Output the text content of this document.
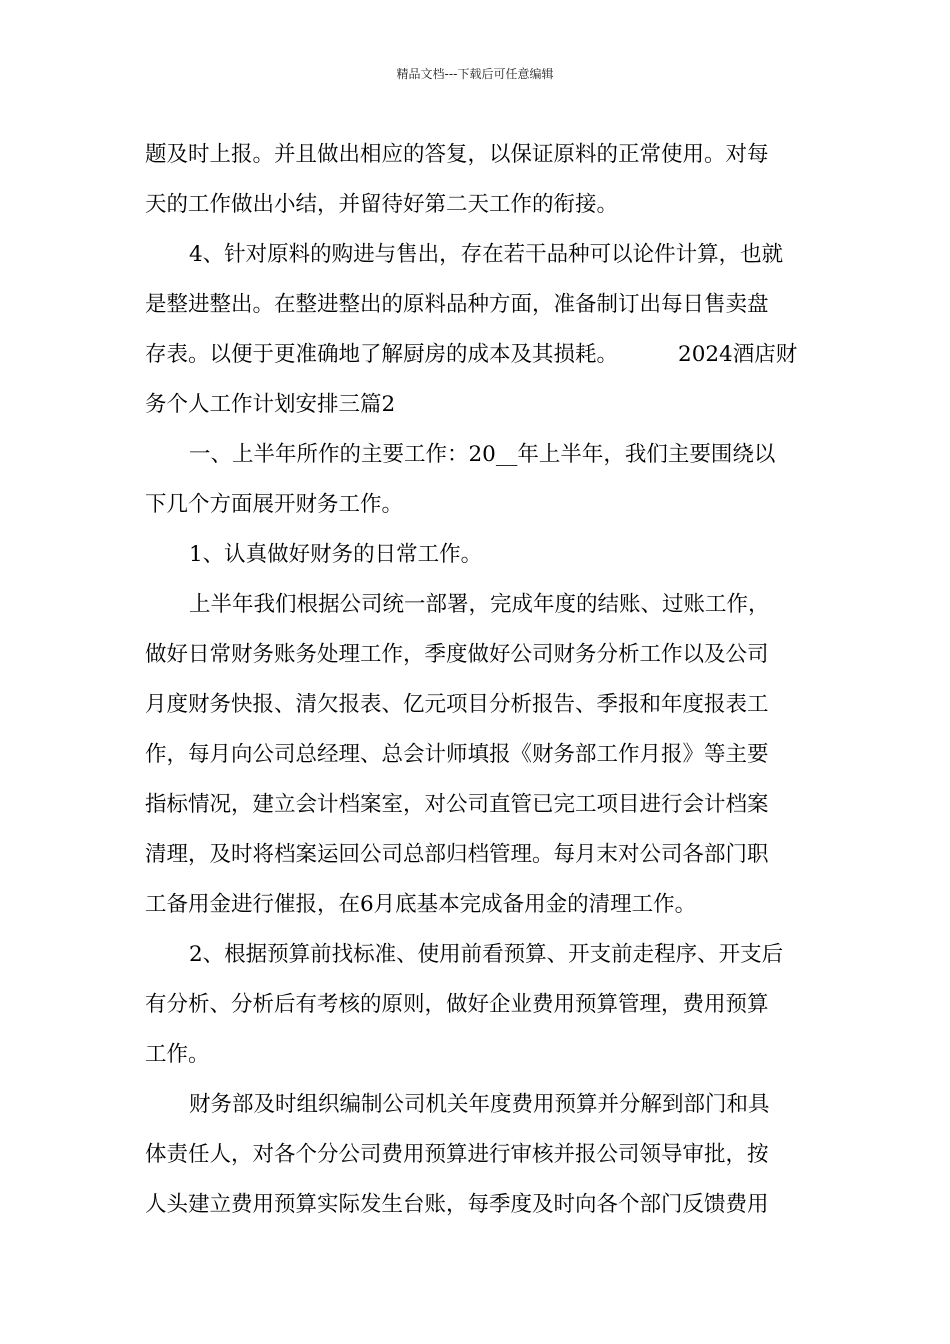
精品文档---下载后可任意编辑
题及时上报。并且做出相应的答复，以保证原料的正常使用。对每
天的工作做出小结，并留待好第二天工作的衔接。
4、针对原料的购进与售出，存在若干品种可以论件计算，也就
是整进整出。在整进整出的原料品种方面，准备制订出每日售卖盘
存表。以便于更准确地了解厨房的成本及其损耗。	2024酒店财
务个人工作计划安排三篇2
一、上半年所作的主要工作：20__年上半年，我们主要围绕以
下几个方面展开财务工作。
1、认真做好财务的日常工作。
上半年我们根据公司统一部署，完成年度的结账、过账工作，
做好日常财务账务处理工作，季度做好公司财务分析工作以及公司
月度财务快报、清欠报表、亿元项目分析报告、季报和年度报表工
作，每月向公司总经理、总会计师填报《财务部工作月报》等主要
指标情况，建立会计档案室，对公司直管已完工项目进行会计档案
清理，及时将档案运回公司总部归档管理。每月末对公司各部门职
工备用金进行催报，在6月底基本完成备用金的清理工作。
2、根据预算前找标准、使用前看预算、开支前走程序、开支后
有分析、分析后有考核的原则，做好企业费用预算管理，费用预算
工作。
财务部及时组织编制公司机关年度费用预算并分解到部门和具
体责任人，对各个分公司费用预算进行审核并报公司领导审批，按
人头建立费用预算实际发生台账，每季度及时向各个部门反馈费用
